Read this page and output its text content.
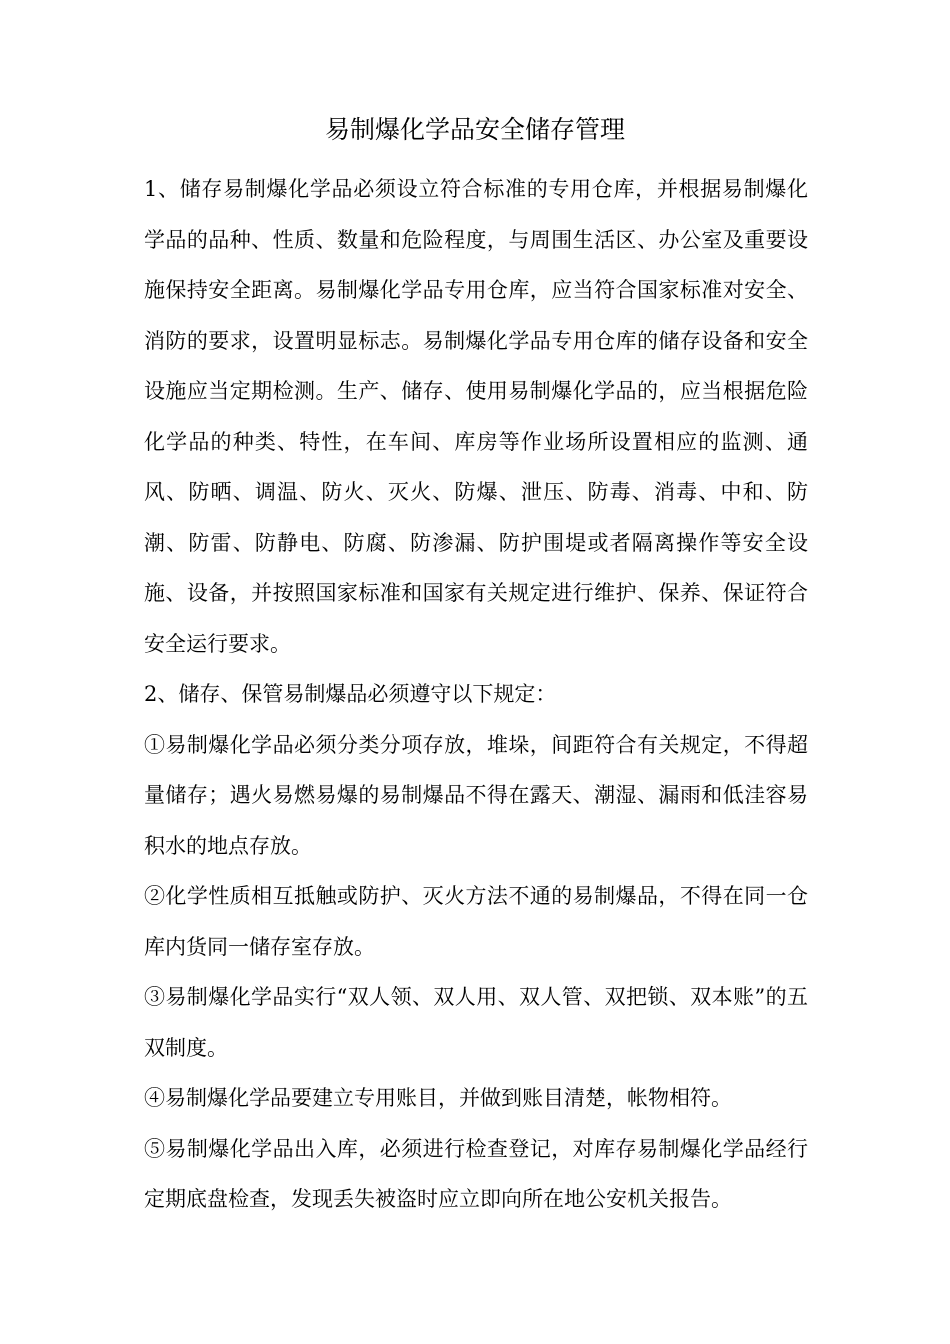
易制爆化学品安全储存管理

1、储存易制爆化学品必须设立符合标准的专用仓库，并根据易制爆化学品的品种、性质、数量和危险程度，与周围生活区、办公室及重要设施保持安全距离。易制爆化学品专用仓库，应当符合国家标准对安全、消防的要求，设置明显标志。易制爆化学品专用仓库的储存设备和安全设施应当定期检测。生产、储存、使用易制爆化学品的，应当根据危险化学品的种类、特性，在车间、库房等作业场所设置相应的监测、通风、防晒、调温、防火、灭火、防爆、泄压、防毒、消毒、中和、防潮、防雷、防静电、防腐、防渗漏、防护围堤或者隔离操作等安全设施、设备，并按照国家标准和国家有关规定进行维护、保养、保证符合安全运行要求。

2、储存、保管易制爆品必须遵守以下规定：

①易制爆化学品必须分类分项存放，堆垛，间距符合有关规定，不得超量储存；遇火易燃易爆的易制爆品不得在露天、潮湿、漏雨和低洼容易积水的地点存放。

②化学性质相互抵触或防护、灭火方法不通的易制爆品，不得在同一仓库内货同一储存室存放。

③易制爆化学品实行“双人领、双人用、双人管、双把锁、双本账”的五双制度。

④易制爆化学品要建立专用账目，并做到账目清楚，帐物相符。

⑤易制爆化学品出入库，必须进行检查登记，对库存易制爆化学品经行定期底盘检查，发现丢失被盗时应立即向所在地公安机关报告。
